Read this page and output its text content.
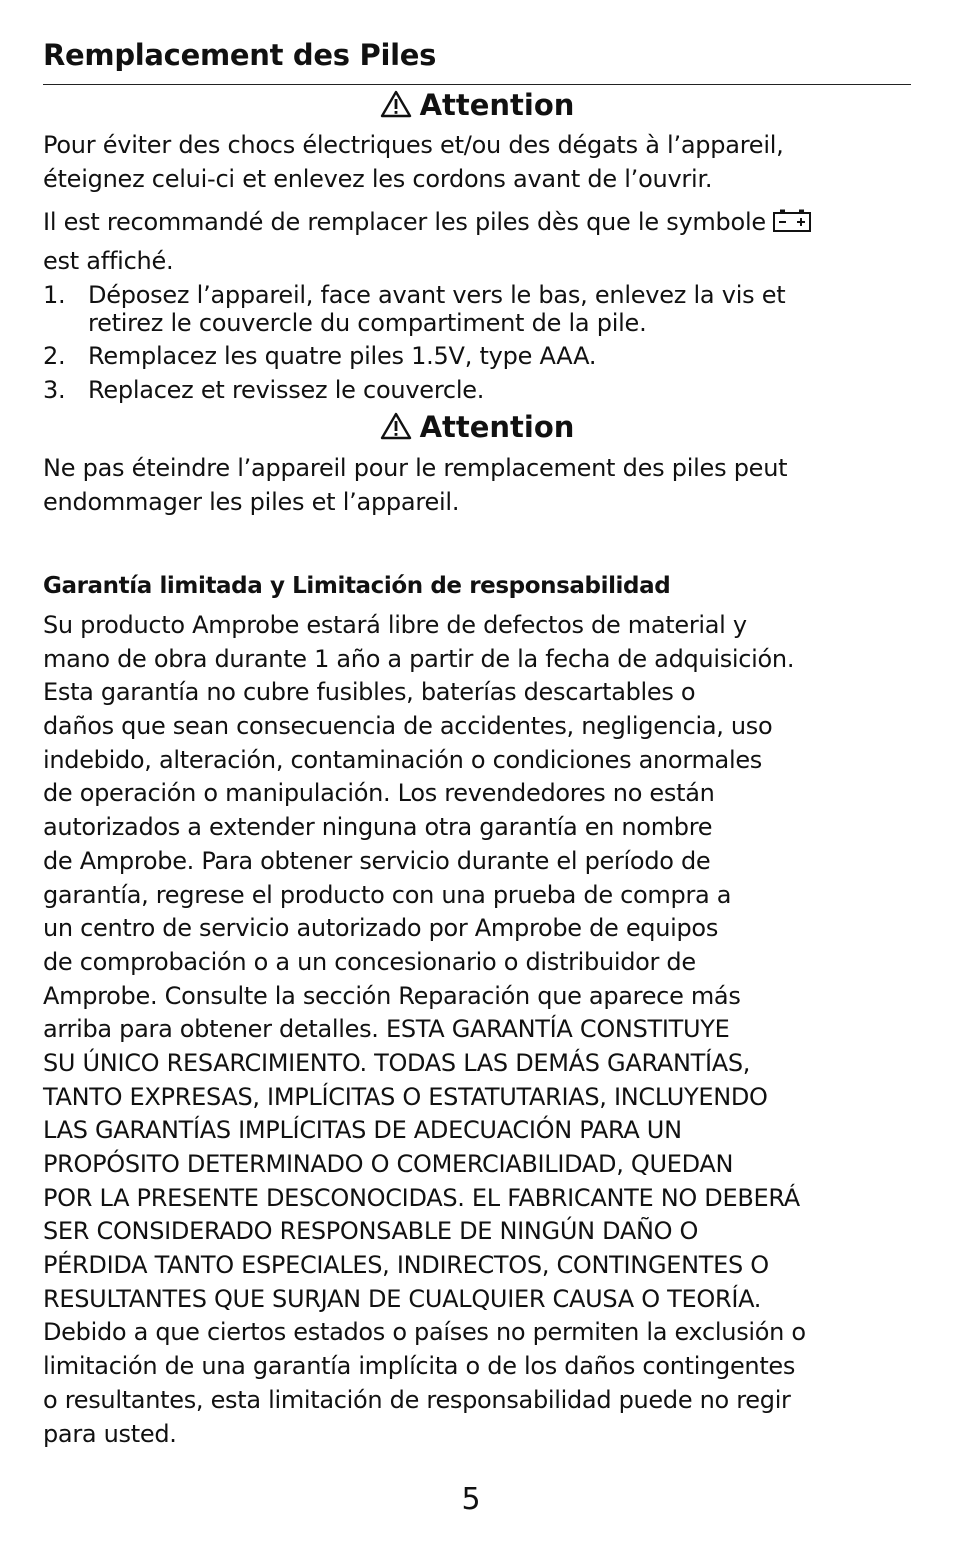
Remplacement des Piles
Attention
Pour éviter des chocs électriques et/ou des dégats à l’appareil,
éteignez celui-ci et enlevez les cordons avant de l’ouvrir.
Il est recommandé de remplacer les piles dès que le symbole
est affiché.
1. Déposez l’appareil, face avant vers le bas, enlevez la vis et
retirez le couvercle du compartiment de la pile.
2. Remplacez les quatre piles 1.5V, type AAA.
3. Replacez et revissez le couvercle.
Attention
Ne pas éteindre l’appareil pour le remplacement des piles peut
endommager les piles et l’appareil.
Garantía limitada y Limitación de responsabilidad
Su producto Amprobe estará libre de defectos de material y
mano de obra durante 1 año a partir de la fecha de adquisición.
Esta garantía no cubre fusibles, baterías descartables o
daños que sean consecuencia de accidentes, negligencia, uso
indebido, alteración, contaminación o condiciones anormales
de operación o manipulación. Los revendedores no están
autorizados a extender ninguna otra garantía en nombre
de Amprobe. Para obtener servicio durante el período de
garantía, regrese el producto con una prueba de compra a
un centro de servicio autorizado por Amprobe de equipos
de comprobación o a un concesionario o distribuidor de
Amprobe. Consulte la sección Reparación que aparece más
arriba para obtener detalles. ESTA GARANTÍA CONSTITUYE
SU ÚNICO RESARCIMIENTO. TODAS LAS DEMÁS GARANTÍAS,
TANTO EXPRESAS, IMPLÍCITAS O ESTATUTARIAS, INCLUYENDO
LAS GARANTÍAS IMPLÍCITAS DE ADECUACIÓN PARA UN
PROPÓSITO DETERMINADO O COMERCIABILIDAD, QUEDAN
POR LA PRESENTE DESCONOCIDAS. EL FABRICANTE NO DEBERÁ
SER CONSIDERADO RESPONSABLE DE NINGÚN DAÑO O
PÉRDIDA TANTO ESPECIALES, INDIRECTOS, CONTINGENTES O
RESULTANTES QUE SURJAN DE CUALQUIER CAUSA O TEORÍA.
Debido a que ciertos estados o países no permiten la exclusión o
limitación de una garantía implícita o de los daños contingentes
o resultantes, esta limitación de responsabilidad puede no regir
para usted.
5
